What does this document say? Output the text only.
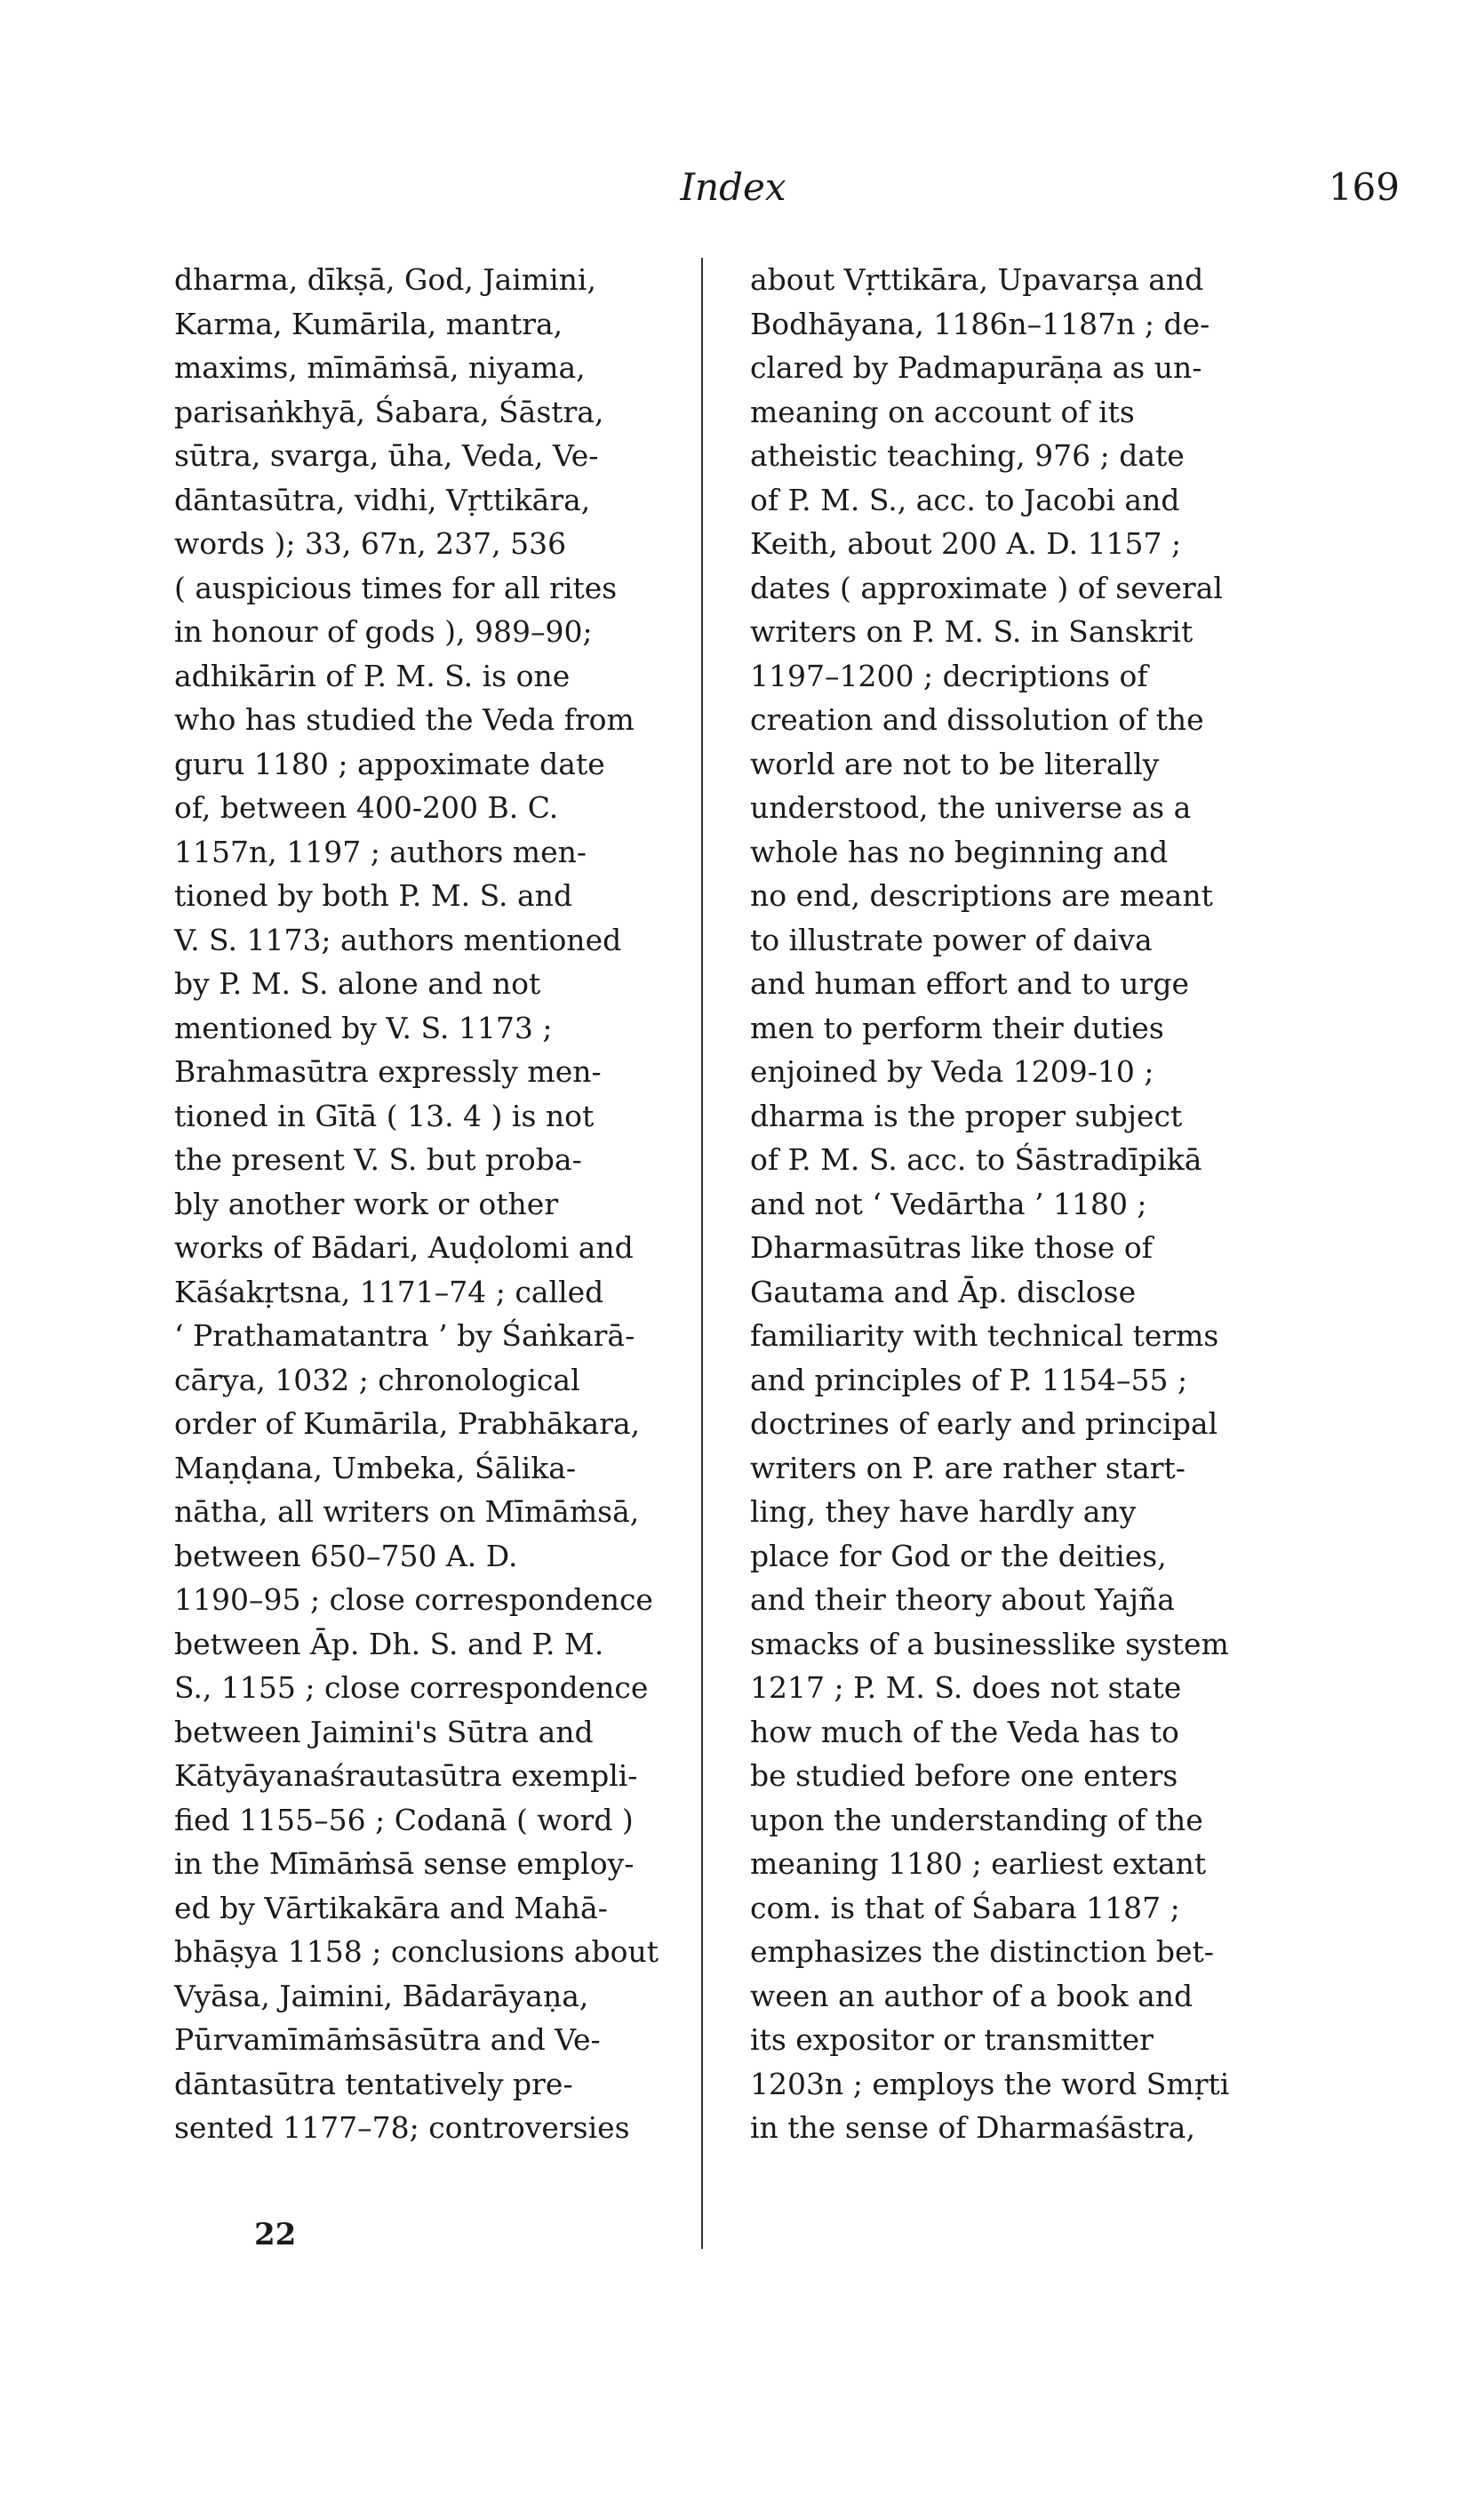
Index	169
dharma, dīkṣā, God, Jaimini,
Karma, Kumārila, mantra,
maxims, mīmāṁsā, niyama,
parisaṅkhyā, Śabara, Śāstra,
sūtra, svarga, ūha, Veda, Ve-
dāntasūtra, vidhi, Vṛttikāra,
words ); 33, 67n, 237, 536
( auspicious times for all rites
in honour of gods ), 989–90;
adhikārin of P. M. S. is one
who has studied the Veda from
guru 1180 ; appoximate date
of, between 400-200 B. C.
1157n, 1197 ; authors men-
tioned by both P. M. S. and
V. S. 1173; authors mentioned
by P. M. S. alone and not
mentioned by V. S. 1173 ;
Brahmasūtra expressly men-
tioned in Gītā ( 13. 4 ) is not
the present V. S. but proba-
bly another work or other
works of Bādari, Auḍolomi and
Kāśakṛtsna, 1171–74 ; called
‘ Prathamatantra ’ by Śaṅkarā-
cārya, 1032 ; chronological
order of Kumārila, Prabhākara,
Maṇḍana, Umbeka, Śālika-
nātha, all writers on Mīmāṁsā,
between 650–750 A. D.
1190–95 ; close correspondence
between Āp. Dh. S. and P. M.
S., 1155 ; close correspondence
between Jaimini's Sūtra and
Kātyāyanaśrautasūtra exempli-
fied 1155–56 ; Codanā ( word )
in the Mīmāṁsā sense employ-
ed by Vārtikakāra and Mahā-
bhāṣya 1158 ; conclusions about
Vyāsa, Jaimini, Bādarāyaṇa,
Pūrvamīmāṁsāsūtra and Ve-
dāntasūtra tentatively pre-
sented 1177–78; controversies
about Vṛttikāra, Upavarṣa and
Bodhāyana, 1186n–1187n ; de-
clared by Padmapurāṇa as un-
meaning on account of its
atheistic teaching, 976 ; date
of P. M. S., acc. to Jacobi and
Keith, about 200 A. D. 1157 ;
dates ( approximate ) of several
writers on P. M. S. in Sanskrit
1197–1200 ; decriptions of
creation and dissolution of the
world are not to be literally
understood, the universe as a
whole has no beginning and
no end, descriptions are meant
to illustrate power of daiva
and human effort and to urge
men to perform their duties
enjoined by Veda 1209-10 ;
dharma is the proper subject
of P. M. S. acc. to Śāstradīpikā
and not ‘ Vedārtha ’ 1180 ;
Dharmasūtras like those of
Gautama and Āp. disclose
familiarity with technical terms
and principles of P. 1154–55 ;
doctrines of early and principal
writers on P. are rather start-
ling, they have hardly any
place for God or the deities,
and their theory about Yajña
smacks of a businesslike system
1217 ; P. M. S. does not state
how much of the Veda has to
be studied before one enters
upon the understanding of the
meaning 1180 ; earliest extant
com. is that of Śabara 1187 ;
emphasizes the distinction bet-
ween an author of a book and
its expositor or transmitter
1203n ; employs the word Smṛti
in the sense of Dharmaśāstra,
22
